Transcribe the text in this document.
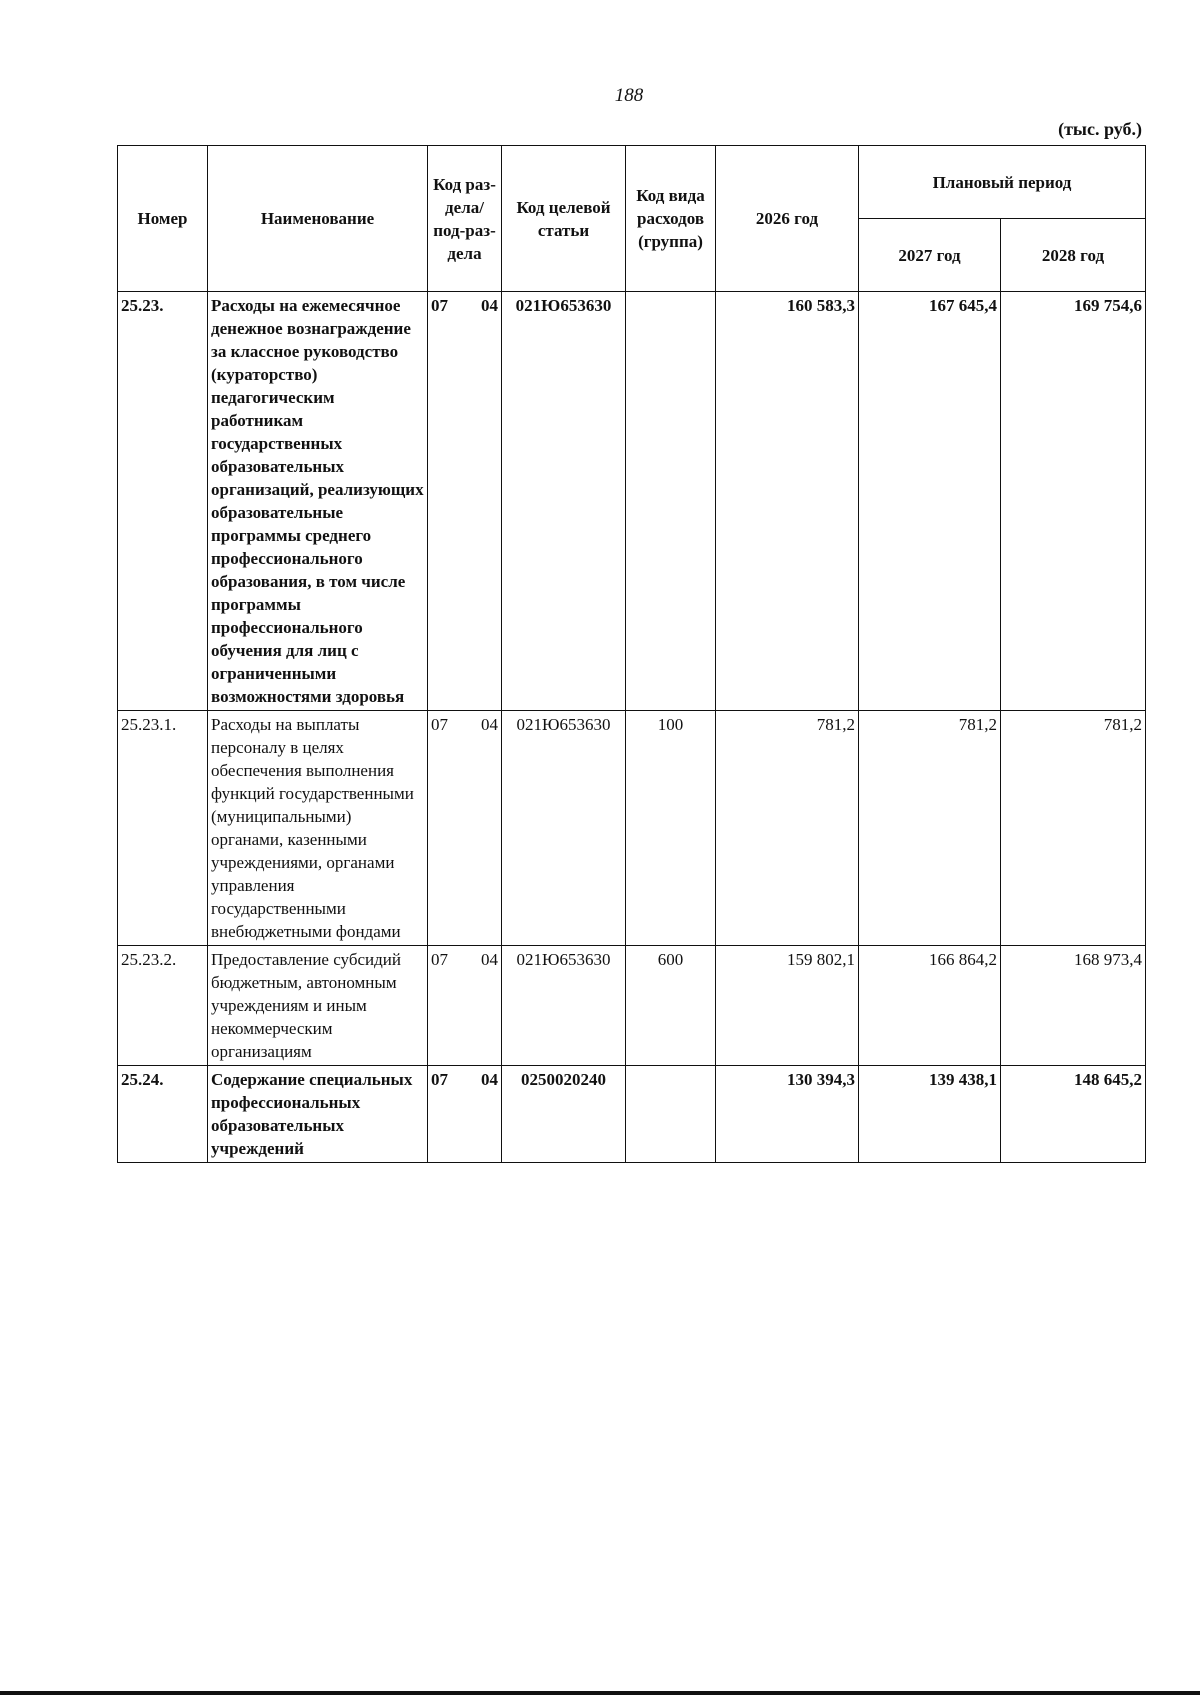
188
(тыс. руб.)
Номер	Наименование	Код раз-дела/ под-раз-дела	Код целевой статьи	Код вида расходов (группа)	2026 год	Плановый период	
						2027 год	2028 год
25.23.	Расходы на ежемесячное денежное вознаграждение за классное руководство (кураторство) педагогическим работникам государственных образовательных организаций, реализующих образовательные программы среднего профессионального образования, в том числе программы профессионального обучения для лиц с ограниченными возможностями здоровья	07 04	021Ю653630		160 583,3	167 645,4	169 754,6
25.23.1.	Расходы на выплаты персоналу в целях обеспечения выполнения функций государственными (муниципальными) органами, казенными учреждениями, органами управления государственными внебюджетными фондами	07 04	021Ю653630	100	781,2	781,2	781,2
25.23.2.	Предоставление субсидий бюджетным, автономным учреждениям и иным некоммерческим организациям	07 04	021Ю653630	600	159 802,1	166 864,2	168 973,4
25.24.	Содержание специальных профессиональных образовательных учреждений	07 04	0250020240		130 394,3	139 438,1	148 645,2
